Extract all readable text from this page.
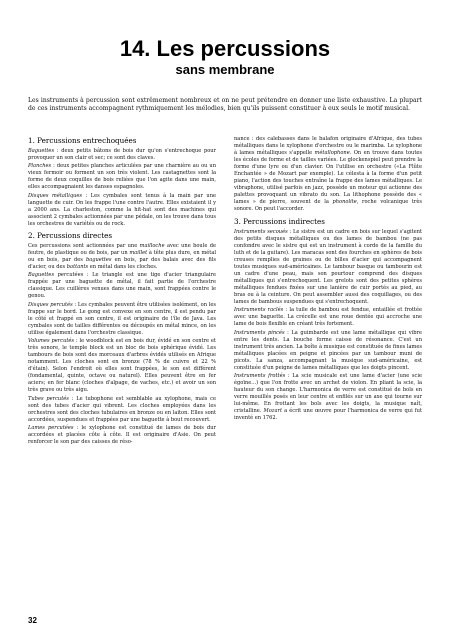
14. Les percussions
sans membrane

Les instruments à percussion sont extrêmement nombreux et on ne peut prétendre en donner une liste exhaustive. La plupart de ces instruments accompagnent rythmiquement les mélodies, bien qu'ils puissent constituer à eux seuls le motif musical.

1. Percussions entrechoquées

Baguettes : deux petits bâtons de bois dur qu'on s'entrechoque pour provoquer un son clair et sec; ce sont des claves.

Planches : deux petites planches articulées par une charnière au ou un vieux fermoir ou forment un son très violent. Les castagnettes sont la forme de deux coquilles de bois reliées que l'on agite dans une main, elles accompagnaient les danses espagnoles.

Disques métalliques : Les cymbales sont tenus à la main par une languette de cuir. On les frappe l'une contre l'autre. Elles existaient il y a 2000 ans. La charleston, comme la hit-hat sont des machines qui associent 2 cymbales actionnées par une pédale, on les trouve dans tous les orchestres de variétés ou de rock.

2. Percussions directes

Ces percussions sont actionnées par une mailloche avec une boule de feutre, de plastique ou de bois, par un maillet à tête plus dure, en métal ou en bois, par des baguettes en bois, par des balais avec des fils d'acier, ou des battants en métal dans les cloches.

Baguettes percutées : Le triangle est une tige d'acier triangulaire frappée par une baguette de métal, il fait partie de l'orchestre classique. Les cuillères venues dans une main, sont frappées contre le genou.

Disques percutés : Les cymbales peuvent être utilisées isolément, on les frappe sur le bord. Le gong est convexe en son centre, il est pendu par le côté et frappé en son centre, il est originaire de l'île de Java. Les cymbales sont de tailles différentes ou découpés en métal mince, on les utilise également dans l'orchestre classique.

Volumes percutés : le woodblock est en bois dur, évidé en son centre et très sonore, le temple block est un bloc de bois sphérique évidé. Les tambours de bois sont des morceaux d'arbres évidés utilisés en Afrique notamment. Les cloches sont en bronze (78 % de cuivre et 22 % d'étain). Selon l'endroit où elles sont frappées, le son est différent (fondamental, quinte, octave ou naturel). Elles peuvent être en fer aciers; en fer blanc (cloches d'alpage, de vaches, etc.) et avoir un son très grave ou très aigu.

Tubes percutés : Le tubophone est semblable au xylophone, mais ce sont des tubes d'acier qui vibrent. Les cloches employées dans les orchestres sont des cloches tubulaires en bronze ou en laiton. Elles sont accordées, suspendues et frappées par une baguette à bout recouvert.

Lames percutées : le xylophone est constitué de lames de bois dur accordées et placées côte à côte. Il est originaire d'Asie. On peut renforcer le son par des caisses de réso-

nance : des calebasses dans le balafon originaire d'Afrique, des tubes métalliques dans le xylophone d'orchestre ou le marimba. Le xylophone à lames métalliques s'appelle métallophone. On en trouve dans toutes les écoles de forme et de tailles variées. Le glockenspiel peut prendre la forme d'une lyre ou d'un clavier. On l'utilise en orchestre («La Flûte Enchantée » de Mozart par exemple). Le célesta à la forme d'un petit piano, l'action des touches entraîne la frappe des lames métalliques. Le vibraphone, utilisé parfois en jazz, possède un moteur qui actionne des palettes provoquant un vibrato du son. La lithophone possède des « lames » de pierre, souvent de la phonolite, roche volcanique très sonore. On peut l'accorder.

3. Percussions indirectes

Instruments secoués : Le sistre est un cadre en bois sur lequel s'agitent des petits disques métalliques ou des lames de bambou (ne pas confondre avec le sistre qui est un instrument à corde de la famille du luth et de la guitare). Les maracas sont des fourches en sphères de bois creuses remplies de graines ou de billes d'acier qui accompagnent toutes musiques sud-américaines. Le tambour basque ou tambourin est un cadre d'une peau, mais son pourtour comprend des disques métalliques qui s'entrechoquent. Les grelots sont des petites sphères métalliques fendues fixées sur une lanière de cuir portés au pied, au bras ou à la ceinture. On peut assembler aussi des coquillages, ou des lames de bambous suspendues qui s'entrechoquent.

Instruments raclés : la tuile de bambou est fendue, entaillée et frottée avec une baguette. La crécelle est une roue dentée qui accroche une lame de bois flexible en créant très fortement.

Instruments pincés : La guimbarde est une lame métallique qui vibre entre les dents. La bouche forme caisse de résonance. C'est un instrument très ancien. La boîte à musique est constituée de fines lames métalliques placées en peigne et pincées par un tambour muni de picots. La sanza, accompagnant la musique sud-américaine, est constituée d'un peigne de lames métalliques que les doigts pincent.

Instruments frottés : La scie musicale est une lame d'acier (une scie égoïne...) que l'on frotte avec un archet de violon. En pliant la scie, la hauteur du son change. L'harmonica de verre est constitué de bols en verre mouillés posés en leur centre et enfilés sur un axe qui tourne sur lui-même. En frottant les bols avec les doigts, la musique naît, cristalline. Mozart a écrit une œuvre pour l'harmonica de verre qui fut inventé en 1762.

32
